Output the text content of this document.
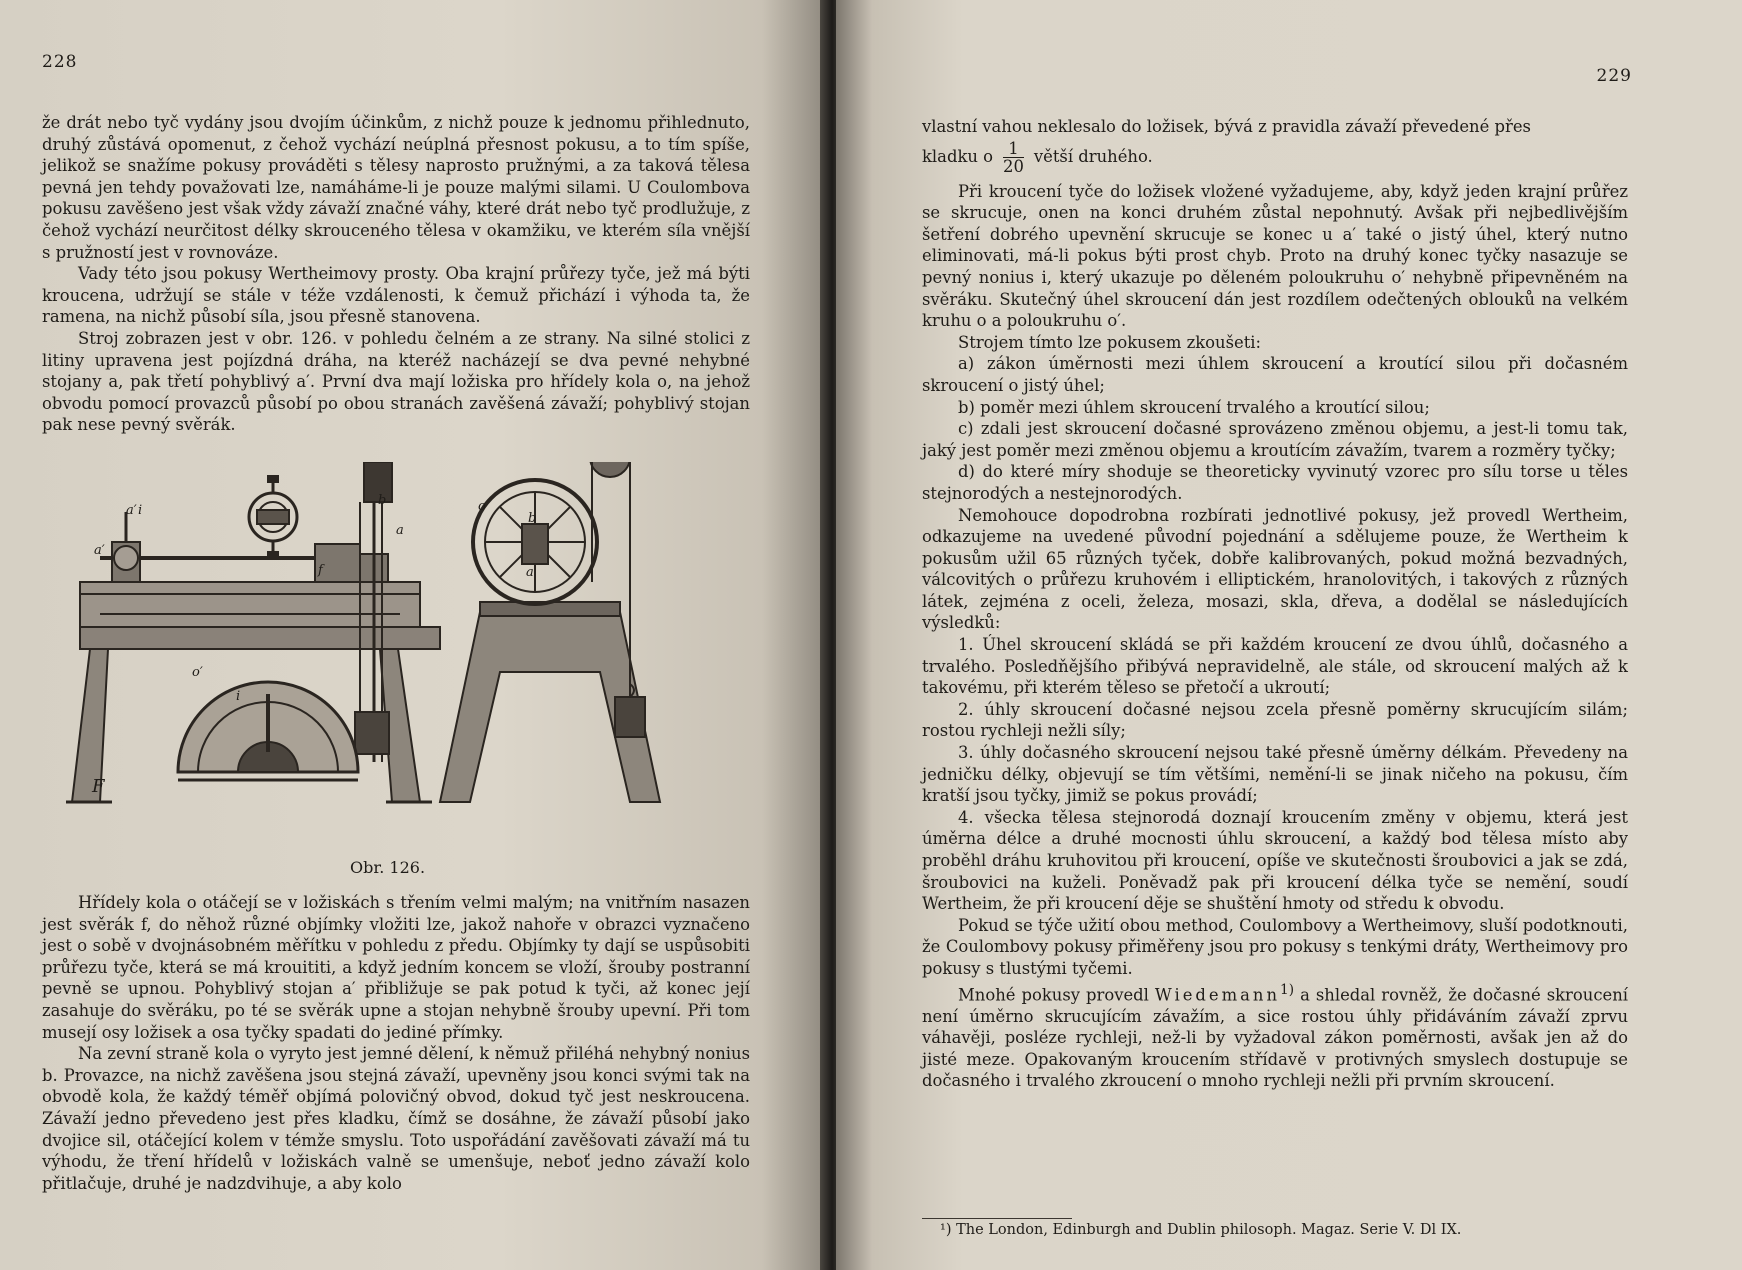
228

že drát nebo tyč vydány jsou dvojím účinkům, z nichž pouze k jednomu přihlednuto, druhý zůstává opomenut, z čehož vychází neúplná přesnost pokusu, a to tím spíše, jelikož se snažíme pokusy prováděti s tělesy naprosto pružnými, a za taková tělesa pevná jen tehdy považovati lze, namáháme-li je pouze malými silami. U Coulombova pokusu zavěšeno jest však vždy závaží značné váhy, které drát nebo tyč prodlužuje, z čehož vychází neurčitost délky skrouceného tělesa v okamžiku, ve kterém síla vnější s pružností jest v rovnováze.

Vady této jsou pokusy Wertheimovy prosty. Oba krajní průřezy tyče, jež má býti kroucena, udržují se stále v téže vzdálenosti, k čemuž přichází i výhoda ta, že ramena, na nichž působí síla, jsou přesně stanovena.

Stroj zobrazen jest v obr. 126. v pohledu čelném a ze strany. Na silné stolici z litiny upravena jest pojízdná dráha, na kteréž nacházejí se dva pevné nehybné stojany a, pak třetí pohyblivý a′. První dva mají ložiska pro hřídely kola o, na jehož obvodu pomocí provazců působí po obou stranách zavěšená závaží; pohyblivý stojan pak nese pevný svěrák.

a′ i
a′
b
a
f
o
b
a
o′
i
F
Obr. 126.

Hřídely kola o otáčejí se v ložiskách s třením velmi malým; na vnitřním nasazen jest svěrák f, do něhož různé objímky vložiti lze, jakož nahoře v obrazci vyznačeno jest o sobě v dvojnásobném měřítku v pohledu z předu. Objímky ty dají se uspůsobiti průřezu tyče, která se má krouititi, a když jedním koncem se vloží, šrouby postranní pevně se upnou. Pohyblivý stojan a′ přibližuje se pak potud k tyči, až konec její zasahuje do svěráku, po té se svěrák upne a stojan nehybně šrouby upevní. Při tom musejí osy ložisek a osa tyčky spadati do jediné přímky.

Na zevní straně kola o vyryto jest jemné dělení, k němuž přiléhá nehybný nonius b. Provazce, na nichž zavěšena jsou stejná závaží, upevněny jsou konci svými tak na obvodě kola, že každý téměř objímá polovičný obvod, dokud tyč jest neskroucena. Závaží jedno převedeno jest přes kladku, čímž se dosáhne, že závaží působí jako dvojice sil, otáčející kolem v témže smyslu. Toto uspořádání zavěšovati závaží má tu výhodu, že tření hřídelů v ložiskách valně se umenšuje, neboť jedno závaží kolo přitlačuje, druhé je nadzdvihuje, a aby kolo

229

vlastní vahou neklesalo do ložisek, bývá z pravidla závaží převedené přes

kladku o $\frac{1}{20}$ větší druhého.

Při kroucení tyče do ložisek vložené vyžadujeme, aby, když jeden krajní průřez se skrucuje, onen na konci druhém zůstal nepohnutý. Avšak při nejbedlivějším šetření dobrého upevnění skrucuje se konec u a′ také o jistý úhel, který nutno eliminovati, má-li pokus býti prost chyb. Proto na druhý konec tyčky nasazuje se pevný nonius i, který ukazuje po děleném poloukruhu o′ nehybně připevněném na svěráku. Skutečný úhel skroucení dán jest rozdílem odečtených oblouků na velkém kruhu o a poloukruhu o′.

Strojem tímto lze pokusem zkoušeti:

a) zákon úměrnosti mezi úhlem skroucení a kroutící silou při dočasném skroucení o jistý úhel;

b) poměr mezi úhlem skroucení trvalého a kroutící silou;

c) zdali jest skroucení dočasné sprovázeno změnou objemu, a jest-li tomu tak, jaký jest poměr mezi změnou objemu a kroutícím závažím, tvarem a rozměry tyčky;

d) do které míry shoduje se theoreticky vyvinutý vzorec pro sílu torse u těles stejnorodých a nestejnorodých.

Nemohouce dopodrobna rozbírati jednotlivé pokusy, jež provedl Wertheim, odkazujeme na uvedené původní pojednání a sdělujeme pouze, že Wertheim k pokusům užil 65 různých tyček, dobře kalibrovaných, pokud možná bezvadných, válcovitých o průřezu kruhovém i elliptickém, hranolovitých, i takových z různých látek, zejména z oceli, železa, mosazi, skla, dřeva, a dodělal se následujících výsledků:

1. Úhel skroucení skládá se při každém kroucení ze dvou úhlů, dočasného a trvalého. Posledňějšího přibývá nepravidelně, ale stále, od skroucení malých až k takovému, při kterém těleso se přetočí a ukroutí;

2. úhly skroucení dočasné nejsou zcela přesně poměrny skrucujícím silám; rostou rychleji nežli síly;

3. úhly dočasného skroucení nejsou také přesně úměrny délkám. Převedeny na jedničku délky, objevují se tím většími, nemění-li se jinak ničeho na pokusu, čím kratší jsou tyčky, jimiž se pokus provádí;

4. všecka tělesa stejnorodá doznají kroucením změny v objemu, která jest úměrna délce a druhé mocnosti úhlu skroucení, a každý bod tělesa místo aby proběhl dráhu kruhovitou při kroucení, opíše ve skutečnosti šroubovici a jak se zdá, šroubovici na kuželi. Poněvadž pak při kroucení délka tyče se nemění, soudí Wertheim, že při kroucení děje se shuštění hmoty od středu k obvodu.

Pokud se týče užití obou method, Coulombovy a Wertheimovy, sluší podotknouti, že Coulombovy pokusy přiměřeny jsou pro pokusy s tenkými dráty, Wertheimovy pro pokusy s tlustými tyčemi.

Mnohé pokusy provedl Wiedemann$^{1)}$ a shledal rovněž, že dočasné skroucení není úměrno skrucujícím závažím, a sice rostou úhly přidáváním závaží zprvu váhavěji, posléze rychleji, než-li by vyžadoval zákon poměrnosti, avšak jen až do jisté meze. Opakovaným kroucením střídavě v protivných smyslech dostupuje se dočasného i trvalého zkroucení o mnoho rychleji nežli při prvním skroucení.

¹) The London, Edinburgh and Dublin philosoph. Magaz. Serie V. Dl IX.
